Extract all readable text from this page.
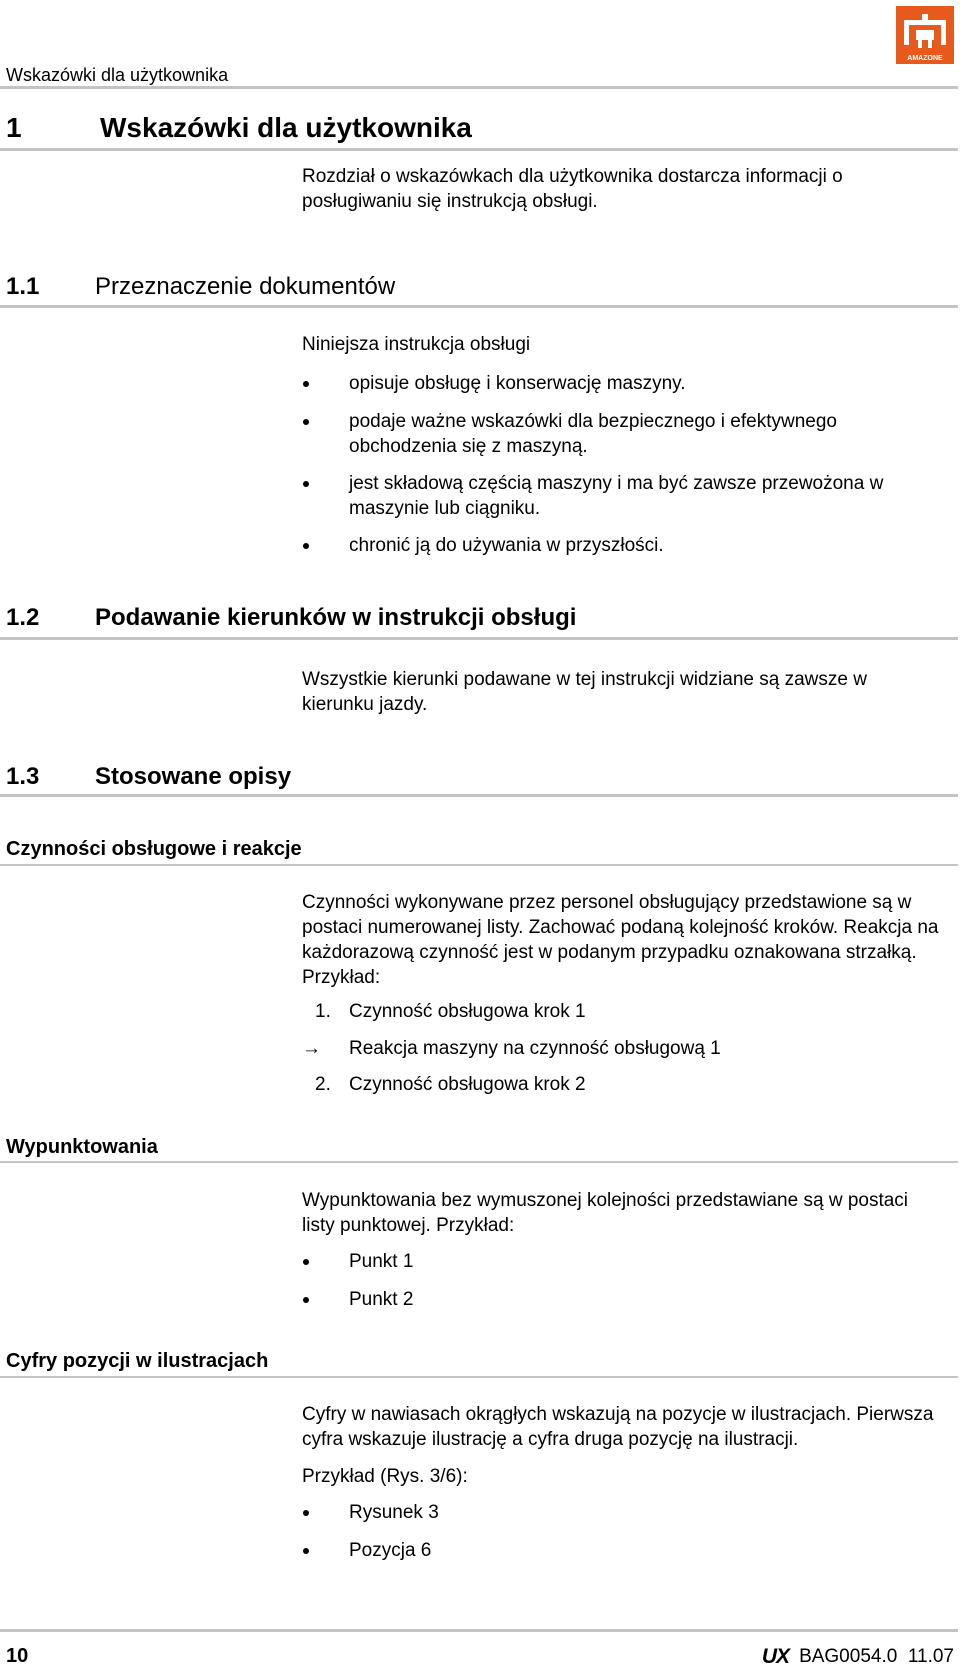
Wskazówki dla użytkownika
AMAZONE
1	Wskazówki dla użytkownika
Rozdział o wskazówkach dla użytkownika dostarcza informacji o posługiwaniu się instrukcją obsługi.
1.1 Przeznaczenie dokumentów
Niniejsza instrukcja obsługi
opisuje obsługę i konserwację maszyny.
podaje ważne wskazówki dla bezpiecznego i efektywnego obchodzenia się z maszyną.
jest składową częścią maszyny i ma być zawsze przewożona w maszynie lub ciągniku.
chronić ją do używania w przyszłości.
1.2 Podawanie kierunków w instrukcji obsługi
Wszystkie kierunki podawane w tej instrukcji widziane są zawsze w kierunku jazdy.
1.3 Stosowane opisy
Czynności obsługowe i reakcje
Czynności wykonywane przez personel obsługujący przedstawione są w postaci numerowanej listy. Zachować podaną kolejność kroków. Reakcja na każdorazową czynność jest w podanym przypadku oznakowana strzałką. Przykład:
1. Czynność obsługowa krok 1
→	Reakcja maszyny na czynność obsługową 1
2. Czynność obsługowa krok 2
Wypunktowania
Wypunktowania bez wymuszonej kolejności przedstawiane są w postaci listy punktowej. Przykład:
Punkt 1
Punkt 2
Cyfry pozycji w ilustracjach
Cyfry w nawiasach okrągłych wskazują na pozycje w ilustracjach. Pierwsza cyfra wskazuje ilustrację a cyfra druga pozycję na ilustracji.
Przykład (Rys. 3/6):
Rysunek 3
Pozycja 6
10	UX BAG0054.0  11.07
